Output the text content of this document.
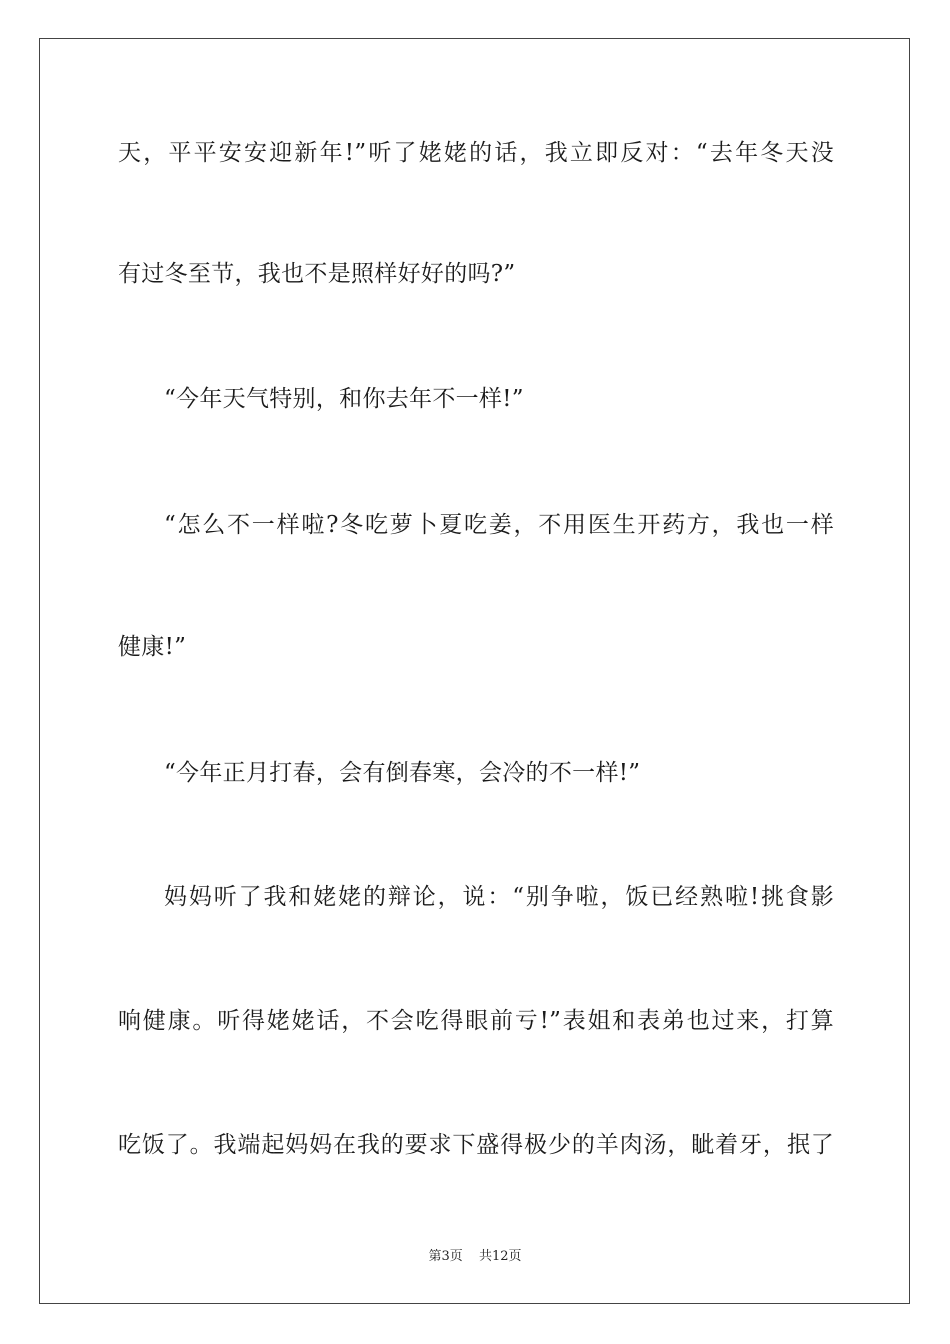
天，平平安安迎新年!”听了姥姥的话，我立即反对：“去年冬天没
有过冬至节，我也不是照样好好的吗?”
“今年天气特别，和你去年不一样!”
“怎么不一样啦?冬吃萝卜夏吃姜，不用医生开药方，我也一样
健康!”
“今年正月打春，会有倒春寒，会冷的不一样!”
妈妈听了我和姥姥的辩论，说：“别争啦，饭已经熟啦!挑食影
响健康。听得姥姥话，不会吃得眼前亏!”表姐和表弟也过来，打算
吃饭了。我端起妈妈在我的要求下盛得极少的羊肉汤，眦着牙，抿了
第3页 共12页
